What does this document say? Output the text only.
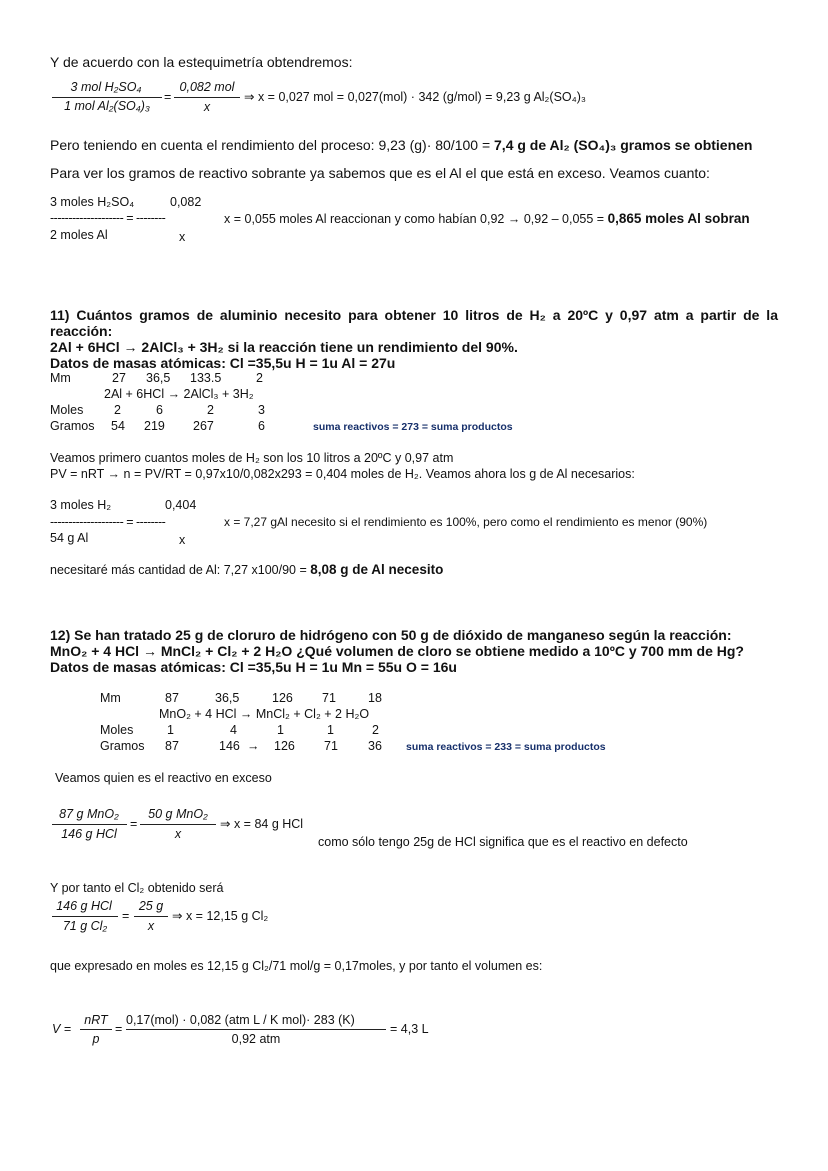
Y de acuerdo con la estequimetría obtendremos:
3 mol H₂SO₄
1 mol Al₂(SO₄)₃
=
0,082 mol
x
⇒ x = 0,027 mol = 0,027(mol) · 342 (g/mol) = 9,23 g Al₂(SO₄)₃
Pero teniendo en cuenta el rendimiento del proceso: 9,23 (g)· 80/100 = 7,4 g de Al₂ (SO₄)₃ gramos se obtienen
Para ver los gramos de reactivo sobrante ya sabemos que es el Al el que está en exceso. Veamos cuanto:
3 moles H₂SO₄	0,082
-------------------- = --------	x = 0,055 moles Al reaccionan y como habían 0,92 → 0,92 – 0,055 = 0,865 moles Al sobran
2 moles Al	x
11) Cuántos gramos de aluminio necesito para obtener 10 litros de H₂ a 20ºC y 0,97 atm a partir de la
reacción:
2Al + 6HCl → 2AlCl₃ + 3H₂ si la reacción tiene un rendimiento del 90%.
Datos de masas atómicas: Cl =35,5u H = 1u Al = 27u
Mm	27 36,5 133.5	2
2Al + 6HCl → 2AlCl₃ + 3H₂
Moles 2	6	2	3
Gramos 54 219 267	6	suma reactivos = 273 = suma productos
Veamos primero cuantos moles de H₂ son los 10 litros a 20ºC y 0,97 atm
PV = nRT → n = PV/RT = 0,97x10/0,082x293 = 0,404 moles de H₂. Veamos ahora los g de Al necesarios:
3 moles H₂	0,404
-------------------- = --------	x = 7,27 gAl necesito si el rendimiento es 100%, pero como el rendimiento es menor (90%)
54 g Al	x
necesitaré más cantidad de Al: 7,27 x100/90 = 8,08 g de Al necesito
12) Se han tratado 25 g de cloruro de hidrógeno con 50 g de dióxido de manganeso según la reacción:
MnO₂ + 4 HCl → MnCl₂ + Cl₂ + 2 H₂O ¿Qué volumen de cloro se obtiene medido a 10ºC y 700 mm de Hg?
Datos de masas atómicas: Cl =35,5u H = 1u Mn = 55u O = 16u
Mm	87	36,5	126 71	18
MnO₂ + 4 HCl → MnCl₂ + Cl₂ + 2 H₂O
Moles	1	4	1	1	2
Gramos 87	146 → 126 71 36 suma reactivos = 233 = suma productos
Veamos quien es el reactivo en exceso
87 g MnO₂
146 g HCl
=
50 g MnO₂
x
⇒ x = 84 g HCl
como sólo tengo 25g de HCl significa que es el reactivo en defecto
Y por tanto el Cl₂ obtenido será
146 g HCl
71 g Cl₂
=
25 g
x
⇒ x = 12,15 g Cl₂
que expresado en moles es 12,15 g Cl₂/71 mol/g = 0,17moles, y por tanto el volumen es:
V =
nRT
p
=
0,17(mol) · 0,082 (atm L / K mol)· 283 (K)
0,92 atm
= 4,3 L
